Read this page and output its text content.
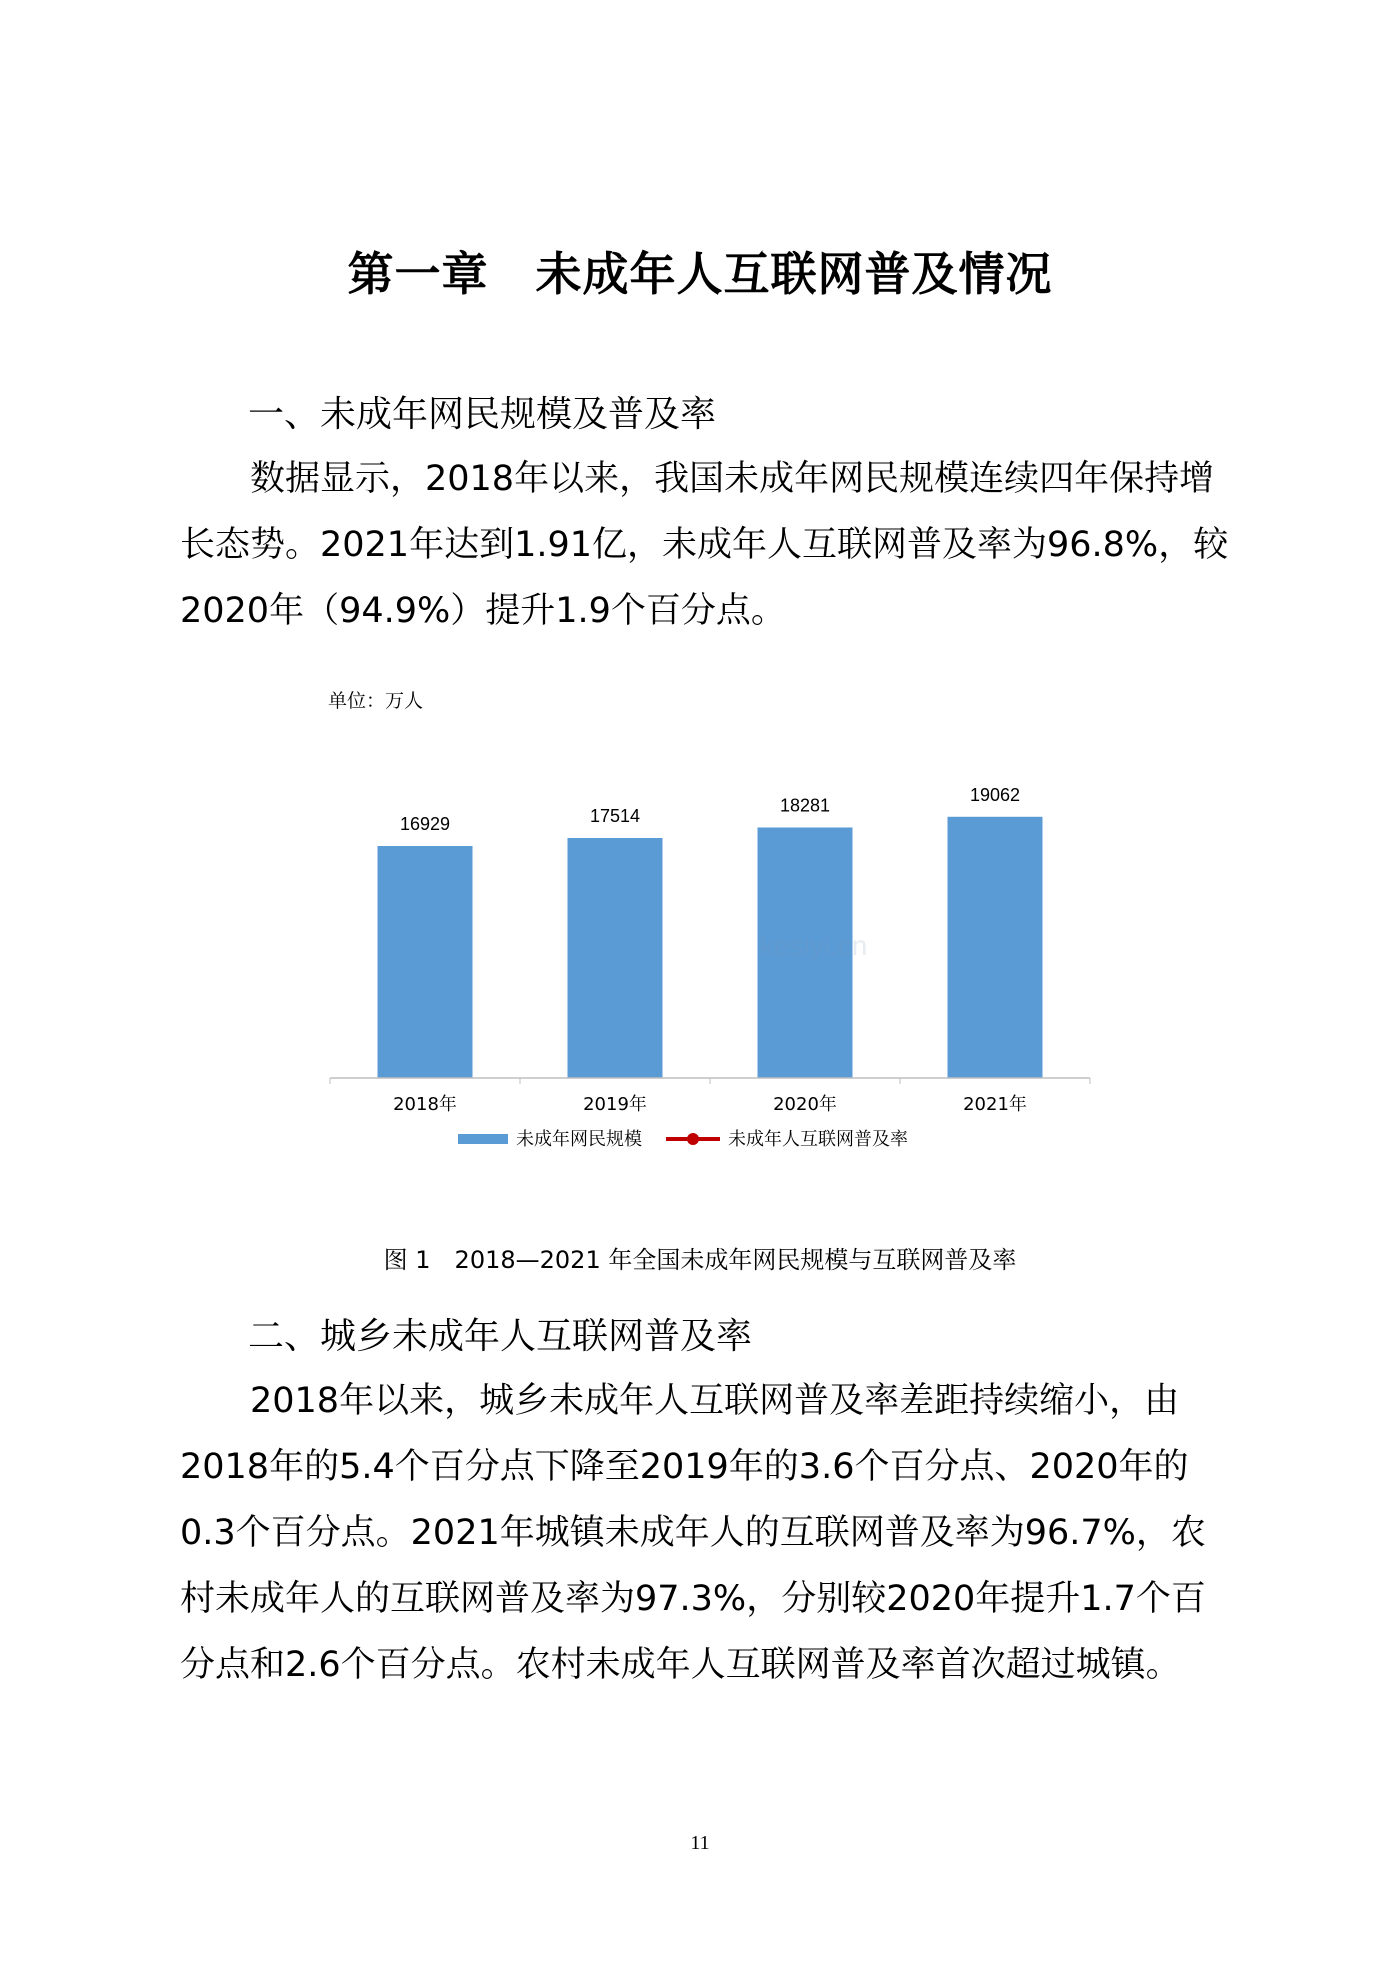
第一章　未成年人互联网普及情况
一、未成年网民规模及普及率

数据显示，2018年以来，我国未成年网民规模连续四年保持增长态势。2021年达到1.91亿，未成年人互联网普及率为96.8%，较2020年（94.9%）提升1.9个百分点。

单位：万人
16929	17514
18281
19062
2018年	2019年	2020年	2021年
未成年网民规模	未成年人互联网普及率
图 1　2018—2021 年全国未成年网民规模与互联网普及率
二、城乡未成年人互联网普及率

2018年以来，城乡未成年人互联网普及率差距持续缩小，由2018年的5.4个百分点下降至2019年的3.6个百分点、2020年的0.3个百分点。2021年城镇未成年人的互联网普及率为96.7%，农村未成年人的互联网普及率为97.3%，分别较2020年提升1.7个百分点和2.6个百分点。农村未成年人互联网普及率首次超过城镇。

11
